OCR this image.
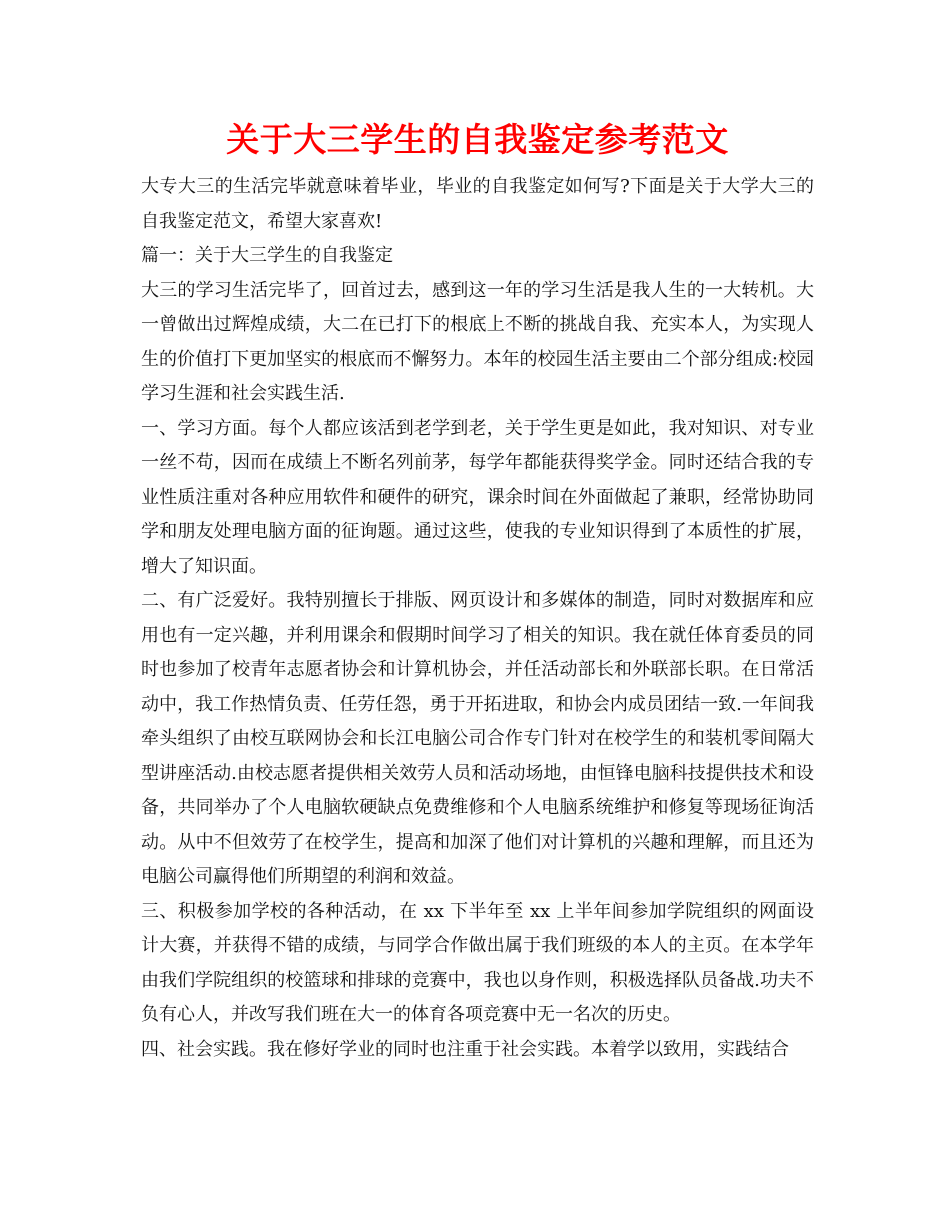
关于大三学生的自我鉴定参考范文

大专大三的生活完毕就意味着毕业，毕业的自我鉴定如何写?下面是关于大学大三的自我鉴定范文，希望大家喜欢!

篇一：关于大三学生的自我鉴定

大三的学习生活完毕了，回首过去，感到这一年的学习生活是我人生的一大转机。大一曾做出过辉煌成绩，大二在已打下的根底上不断的挑战自我、充实本人，为实现人生的价值打下更加坚实的根底而不懈努力。本年的校园生活主要由二个部分组成:校园学习生涯和社会实践生活.

一、学习方面。每个人都应该活到老学到老，关于学生更是如此，我对知识、对专业一丝不苟，因而在成绩上不断名列前茅，每学年都能获得奖学金。同时还结合我的专业性质注重对各种应用软件和硬件的研究，课余时间在外面做起了兼职，经常协助同学和朋友处理电脑方面的征询题。通过这些，使我的专业知识得到了本质性的扩展，增大了知识面。

二、有广泛爱好。我特别擅长于排版、网页设计和多媒体的制造，同时对数据库和应用也有一定兴趣，并利用课余和假期时间学习了相关的知识。我在就任体育委员的同时也参加了校青年志愿者协会和计算机协会，并任活动部长和外联部长职。在日常活动中，我工作热情负责、任劳任怨，勇于开拓进取，和协会内成员团结一致.一年间我牵头组织了由校互联网协会和长江电脑公司合作专门针对在校学生的和装机零间隔大型讲座活动.由校志愿者提供相关效劳人员和活动场地，由恒锋电脑科技提供技术和设备，共同举办了个人电脑软硬缺点免费维修和个人电脑系统维护和修复等现场征询活动。从中不但效劳了在校学生，提高和加深了他们对计算机的兴趣和理解，而且还为电脑公司赢得他们所期望的利润和效益。

三、积极参加学校的各种活动，在 xx 下半年至 xx 上半年间参加学院组织的网面设计大赛，并获得不错的成绩，与同学合作做出属于我们班级的本人的主页。在本学年由我们学院组织的校篮球和排球的竞赛中，我也以身作则，积极选择队员备战.功夫不负有心人，并改写我们班在大一的体育各项竞赛中无一名次的历史。

四、社会实践。我在修好学业的同时也注重于社会实践。本着学以致用，实践结合
